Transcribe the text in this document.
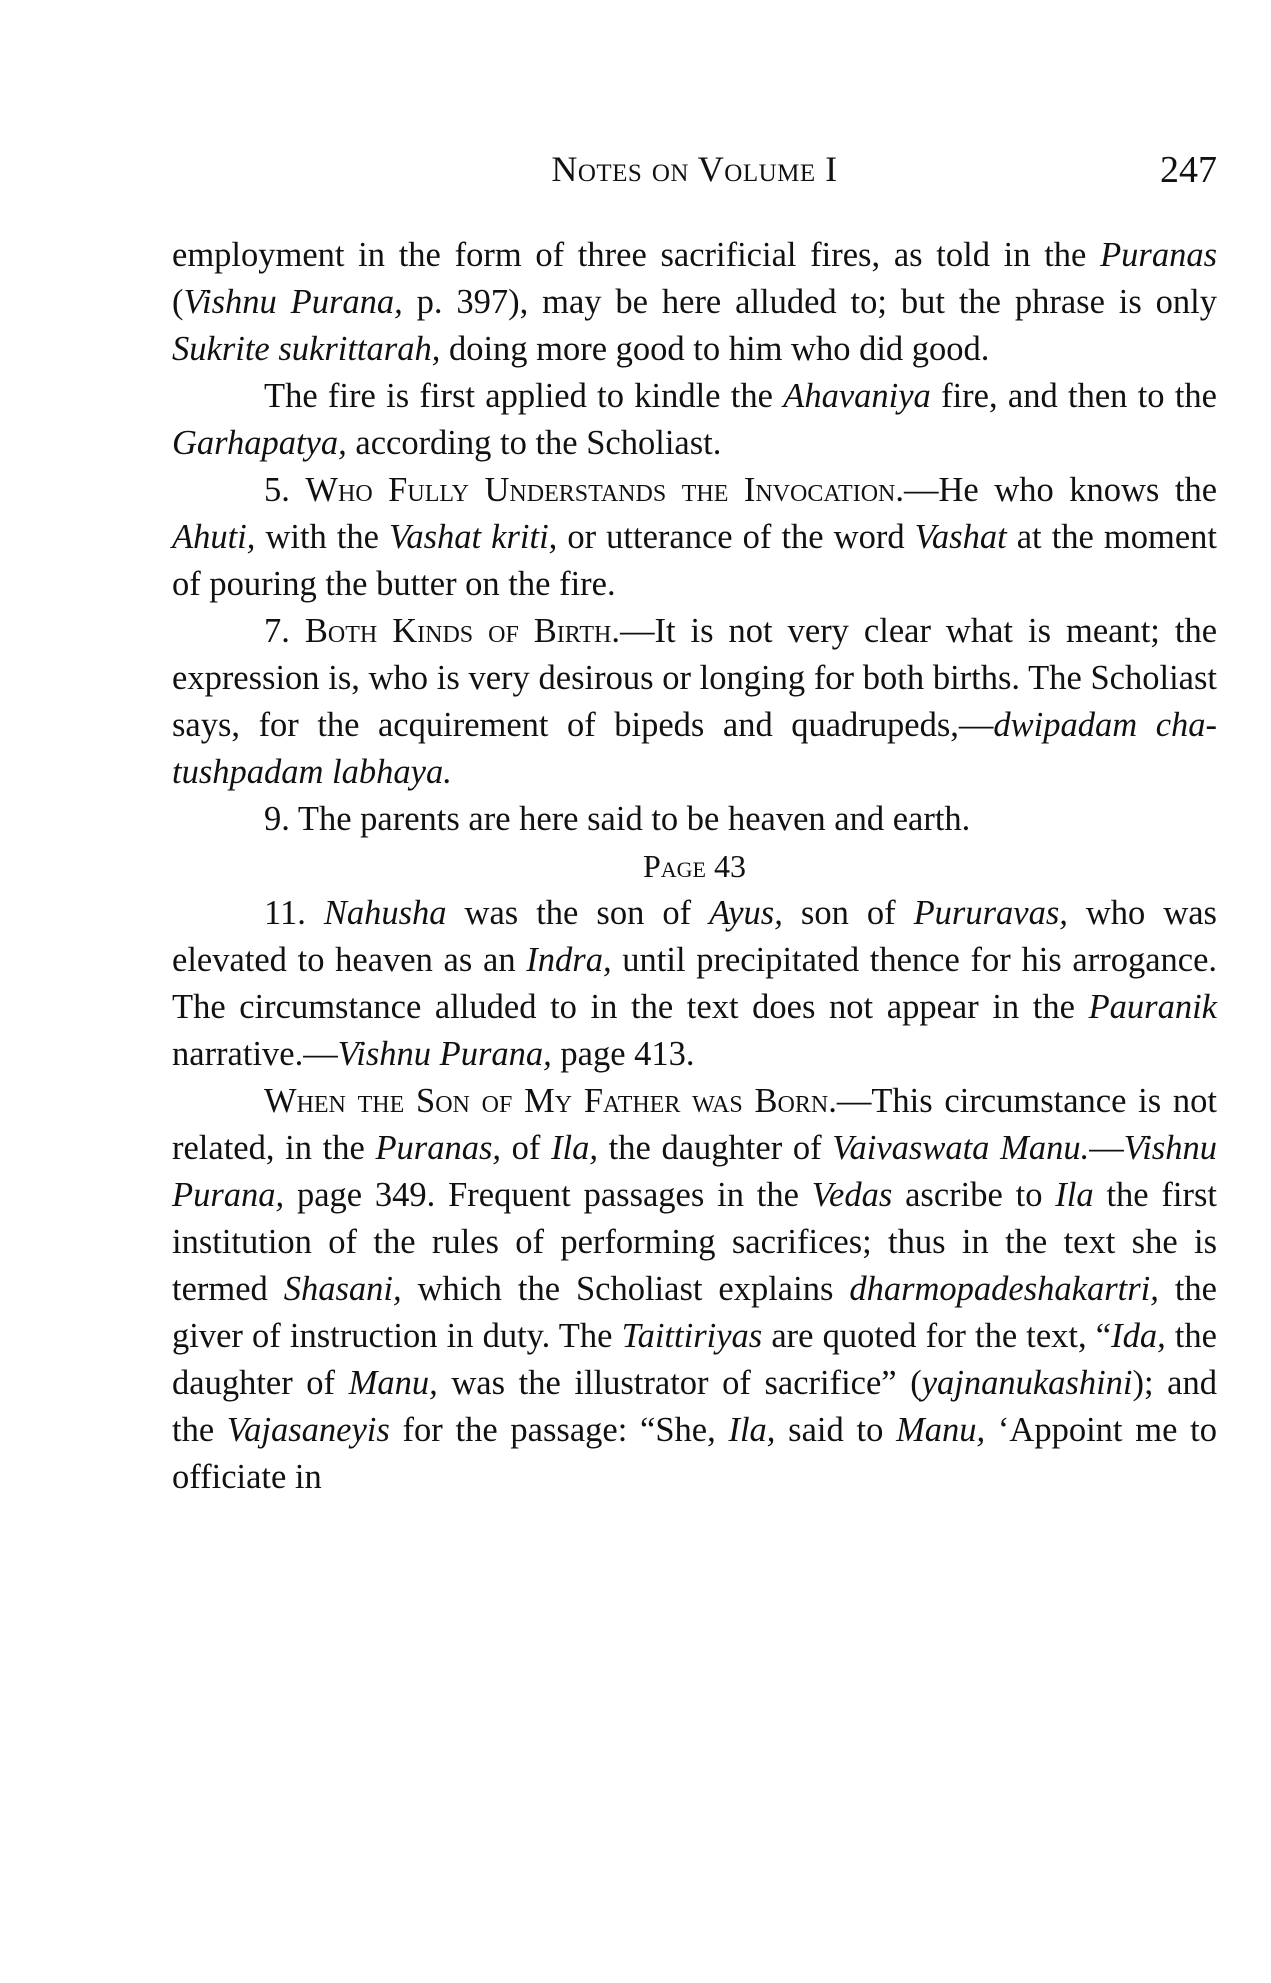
Notes on Volume I	247

employment in the form of three sacrificial fires, as told in the Puranas (Vishnu Purana, p. 397), may be here alluded to; but the phrase is only Sukrite sukrittarah, doing more good to him who did good.

The fire is first applied to kindle the Ahavaniya fire, and then to the Garhapatya, according to the Scholiast.

5. Who Fully Understands the Invocation.—He who knows the Ahuti, with the Vashat kriti, or utterance of the word Vashat at the moment of pouring the butter on the fire.

7. Both Kinds of Birth.—It is not very clear what is meant; the expression is, who is very desirous or longing for both births. The Scholiast says, for the acquirement of bipeds and quadrupeds,—dwipadam cha-tushpadam labhaya.

9. The parents are here said to be heaven and earth.

Page 43

11. Nahusha was the son of Ayus, son of Pururavas, who was elevated to heaven as an Indra, until precipitated thence for his arrogance. The circumstance alluded to in the text does not appear in the Pauranik narrative.—Vishnu Purana, page 413.

When the Son of My Father was Born.—This circumstance is not related, in the Puranas, of Ila, the daughter of Vaivaswata Manu.—Vishnu Purana, page 349. Frequent passages in the Vedas ascribe to Ila the first institution of the rules of performing sacrifices; thus in the text she is termed Shasani, which the Scholiast explains dharmopadeshakartri, the giver of instruction in duty. The Taittiriyas are quoted for the text, “Ida, the daughter of Manu, was the illustrator of sacrifice” (yajnanukashini); and the Vajasaneyis for the passage: “She, Ila, said to Manu, ‘Appoint me to officiate in
